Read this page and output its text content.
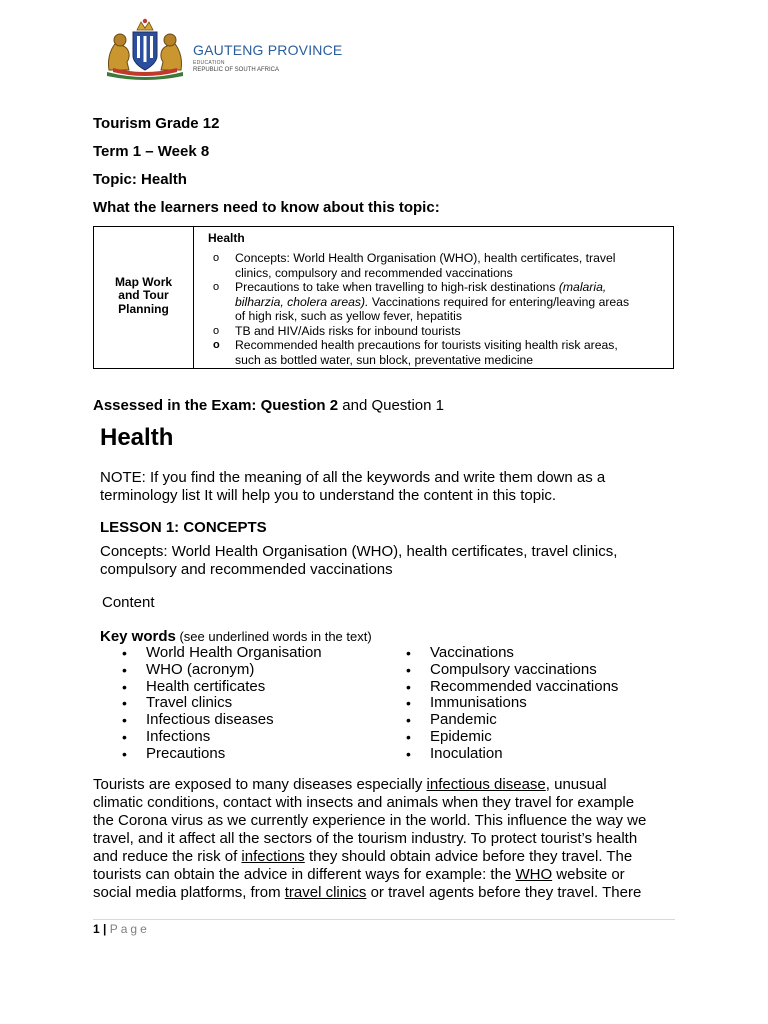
GAUTENG PROVINCE
EDUCATION
REPUBLIC OF SOUTH AFRICA
Tourism Grade 12
Term 1 – Week 8
Topic: Health
What the learners need to know about this topic:
Map Work and Tour Planning
Health
o Concepts: World Health Organisation (WHO), health certificates, travel clinics, compulsory and recommended vaccinations
o Precautions to take when travelling to high-risk destinations (malaria, bilharzia, cholera areas). Vaccinations required for entering/leaving areas of high risk, such as yellow fever, hepatitis
o TB and HIV/Aids risks for inbound tourists
o Recommended health precautions for tourists visiting health risk areas, such as bottled water, sun block, preventative medicine
Assessed in the Exam: Question 2 and Question 1
Health
NOTE: If you find the meaning of all the keywords and write them down as a terminology list It will help you to understand the content in this topic.
LESSON 1: CONCEPTS
Concepts: World Health Organisation (WHO), health certificates, travel clinics, compulsory and recommended vaccinations
Content
Key words (see underlined words in the text)
• World Health Organisation
• WHO (acronym)
• Health certificates
• Travel clinics
• Infectious diseases
• Infections
• Precautions
• Vaccinations
• Compulsory vaccinations
• Recommended vaccinations
• Immunisations
• Pandemic
• Epidemic
• Inoculation
Tourists are exposed to many diseases especially infectious disease, unusual
climatic conditions, contact with insects and animals when they travel for example
the Corona virus as we currently experience in the world. This influence the way we
travel, and it affect all the sectors of the tourism industry. To protect tourist’s health
and reduce the risk of infections they should obtain advice before they travel. The
tourists can obtain the advice in different ways for example: the WHO website or
social media platforms, from travel clinics or travel agents before they travel. There
1 | Page
